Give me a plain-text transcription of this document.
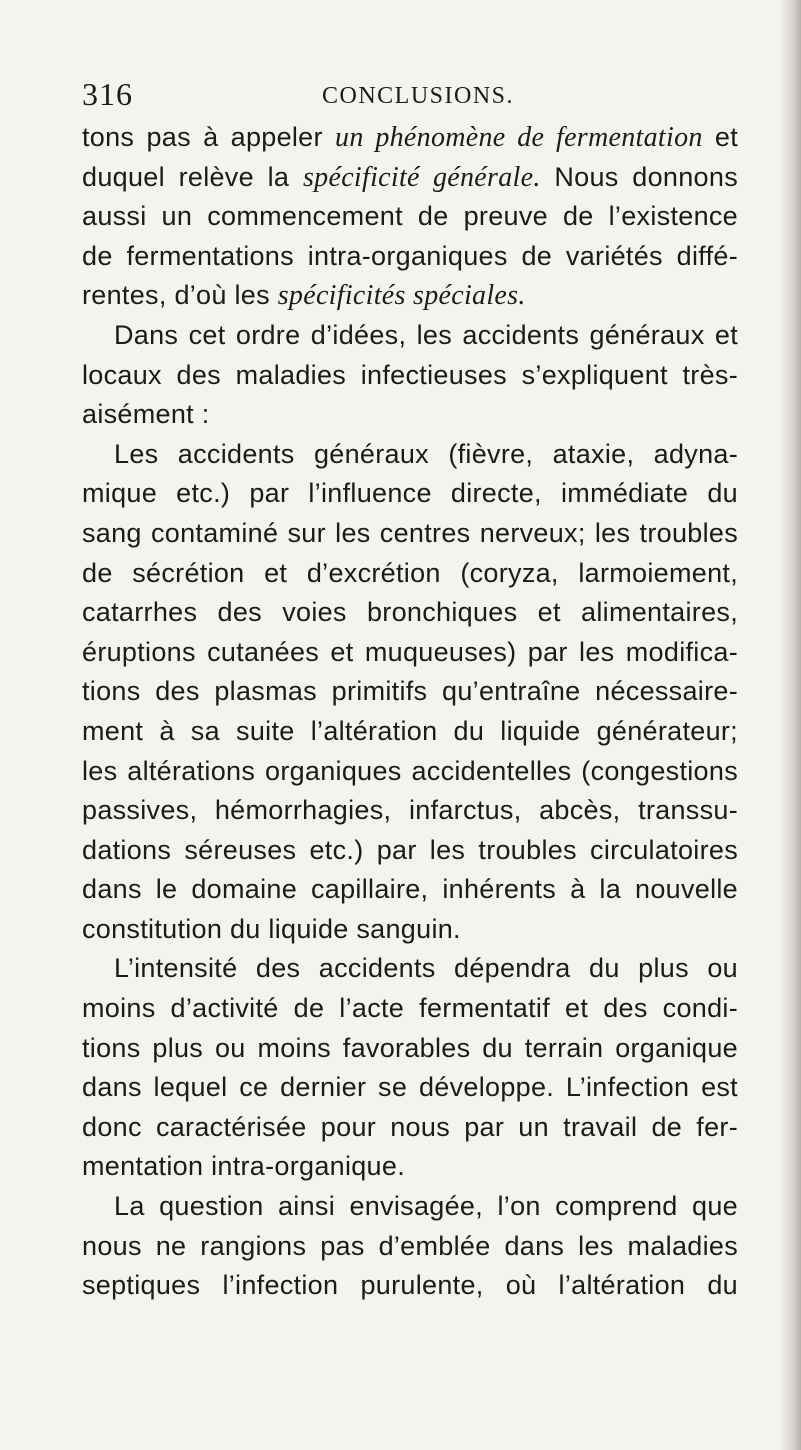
316	CONCLUSIONS.
tons pas à appeler un phénomène de fermentation et
duquel relève la spécificité générale. Nous donnons
aussi un commencement de preuve de l’existence
de fermentations intra-organiques de variétés diffé-
rentes, d’où les spécificités spéciales.
Dans cet ordre d’idées, les accidents généraux et
locaux des maladies infectieuses s’expliquent très-
aisément :
Les accidents généraux (fièvre, ataxie, adyna-
mique etc.) par l’influence directe, immédiate du
sang contaminé sur les centres nerveux; les troubles
de sécrétion et d’excrétion (coryza, larmoiement,
catarrhes des voies bronchiques et alimentaires,
éruptions cutanées et muqueuses) par les modifica-
tions des plasmas primitifs qu’entraîne nécessaire-
ment à sa suite l’altération du liquide générateur;
les altérations organiques accidentelles (congestions
passives, hémorrhagies, infarctus, abcès, transsu-
dations séreuses etc.) par les troubles circulatoires
dans le domaine capillaire, inhérents à la nouvelle
constitution du liquide sanguin.
L’intensité des accidents dépendra du plus ou
moins d’activité de l’acte fermentatif et des condi-
tions plus ou moins favorables du terrain organique
dans lequel ce dernier se développe. L’infection est
donc caractérisée pour nous par un travail de fer-
mentation intra-organique.
La question ainsi envisagée, l’on comprend que
nous ne rangions pas d’emblée dans les maladies
septiques l’infection purulente, où l’altération du
